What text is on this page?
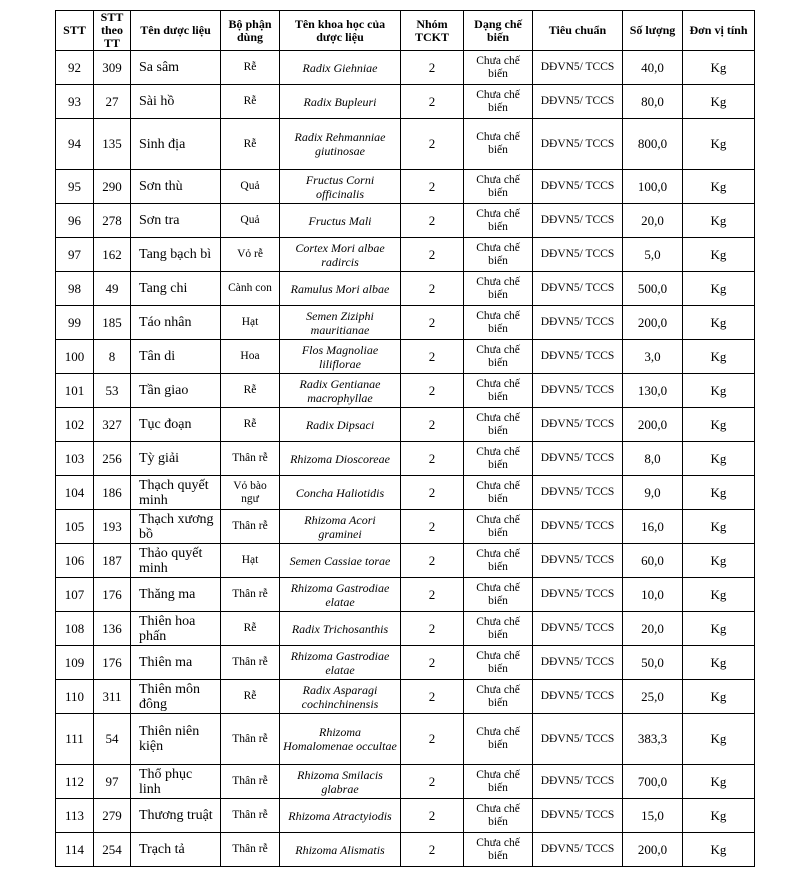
STT	STT theo TT	Tên dược liệu	Bộ phận dùng	Tên khoa học của dược liệu	Nhóm TCKT	Dạng chế biến	Tiêu chuẩn	Số lượng	Đơn vị tính
92	309	Sa sâm	Rễ	Radix Giehniae	2	Chưa chế biến	DĐVN5/ TCCS	40,0	Kg
93	27	Sài hồ	Rễ	Radix Bupleuri	2	Chưa chế biến	DĐVN5/ TCCS	80,0	Kg
94	135	Sinh địa	Rễ	Radix Rehmanniae giutinosae	2	Chưa chế biến	DĐVN5/ TCCS	800,0	Kg
95	290	Sơn thù	Quả	Fructus Corni officinalis	2	Chưa chế biến	DĐVN5/ TCCS	100,0	Kg
96	278	Sơn tra	Quả	Fructus Mali	2	Chưa chế biến	DĐVN5/ TCCS	20,0	Kg
97	162	Tang bạch bì	Vỏ rễ	Cortex Mori albae radircis	2	Chưa chế biến	DĐVN5/ TCCS	5,0	Kg
98	49	Tang chi	Cành con	Ramulus Mori albae	2	Chưa chế biến	DĐVN5/ TCCS	500,0	Kg
99	185	Táo nhân	Hạt	Semen Ziziphi mauritianae	2	Chưa chế biến	DĐVN5/ TCCS	200,0	Kg
100	8	Tân di	Hoa	Flos Magnoliae liliflorae	2	Chưa chế biến	DĐVN5/ TCCS	3,0	Kg
101	53	Tần giao	Rễ	Radix Gentianae macrophyllae	2	Chưa chế biến	DĐVN5/ TCCS	130,0	Kg
102	327	Tục đoạn	Rễ	Radix Dipsaci	2	Chưa chế biến	DĐVN5/ TCCS	200,0	Kg
103	256	Tỳ giải	Thân rễ	Rhizoma Dioscoreae	2	Chưa chế biến	DĐVN5/ TCCS	8,0	Kg
104	186	Thạch quyết minh	Vỏ bào ngư	Concha Haliotidis	2	Chưa chế biến	DĐVN5/ TCCS	9,0	Kg
105	193	Thạch xương bồ	Thân rễ	Rhizoma Acori graminei	2	Chưa chế biến	DĐVN5/ TCCS	16,0	Kg
106	187	Thảo quyết minh	Hạt	Semen Cassiae torae	2	Chưa chế biến	DĐVN5/ TCCS	60,0	Kg
107	176	Thăng ma	Thân rễ	Rhizoma Gastrodiae elatae	2	Chưa chế biến	DĐVN5/ TCCS	10,0	Kg
108	136	Thiên hoa phấn	Rễ	Radix Trichosanthis	2	Chưa chế biến	DĐVN5/ TCCS	20,0	Kg
109	176	Thiên ma	Thân rễ	Rhizoma Gastrodiae elatae	2	Chưa chế biến	DĐVN5/ TCCS	50,0	Kg
110	311	Thiên môn đông	Rễ	Radix Asparagi cochinchinensis	2	Chưa chế biến	DĐVN5/ TCCS	25,0	Kg
111	54	Thiên niên kiện	Thân rễ	Rhizoma Homalomenae occultae	2	Chưa chế biến	DĐVN5/ TCCS	383,3	Kg
112	97	Thổ phục linh	Thân rễ	Rhizoma Smilacis glabrae	2	Chưa chế biến	DĐVN5/ TCCS	700,0	Kg
113	279	Thương truật	Thân rễ	Rhizoma Atractyiodis	2	Chưa chế biến	DĐVN5/ TCCS	15,0	Kg
114	254	Trạch tả	Thân rễ	Rhizoma Alismatis	2	Chưa chế biến	DĐVN5/ TCCS	200,0	Kg
